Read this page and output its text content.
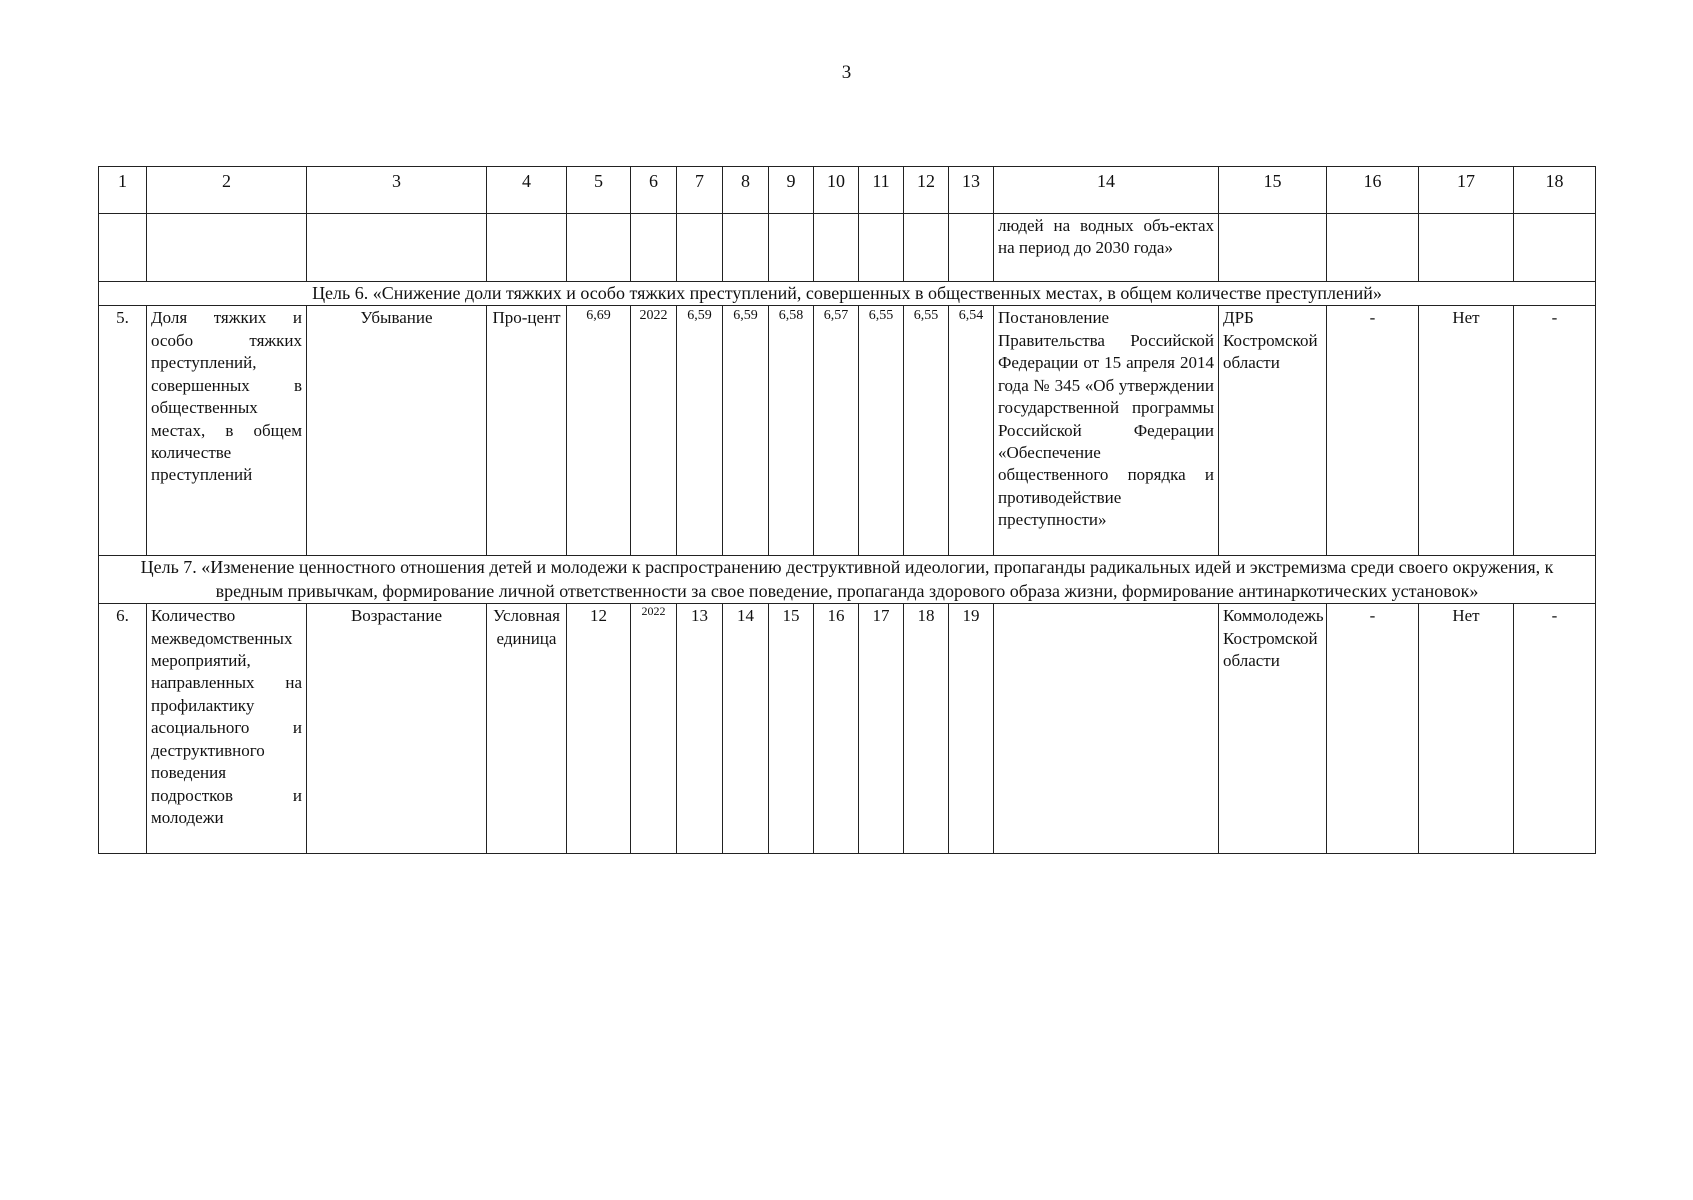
3
1	2	3	4	5	6	7	8	9	10	11	12	13	14	15	16	17	18
													людей на водных объ-ектах на период до 2030 года»				
Цель 6. «Снижение доли тяжких и особо тяжких преступлений, совершенных в общественных местах, в общем количестве преступлений»																	
5.	Доля тяжких и особо тяжких преступлений, совершенных в общественных местах, в общем количестве преступлений	Убывание	Про-цент	6,69	2022	6,59	6,59	6,58	6,57	6,55	6,55	6,54	Постановление Правительства Российской Федерации от 15 апреля 2014 года № 345 «Об утверждении государственной программы Российской Федерации «Обеспечение общественного порядка и противодействие преступности»	ДРБ Костромской области	-	Нет	-
Цель 7. «Изменение ценностного отношения детей и молодежи к распространению деструктивной идеологии, пропаганды радикальных идей и экстремизма среди своего окружения, к вредным привычкам, формирование личной ответственности за свое поведение, пропаганда здорового образа жизни, формирование антинаркотических установок»																	
6.	Количество межведомственных мероприятий, направленных на профилактику асоциального и деструктивного поведения подростков и молодежи	Возрастание	Условная единица	12	2022	13	14	15	16	17	18	19		Коммолодежь Костромской области	-	Нет	-
